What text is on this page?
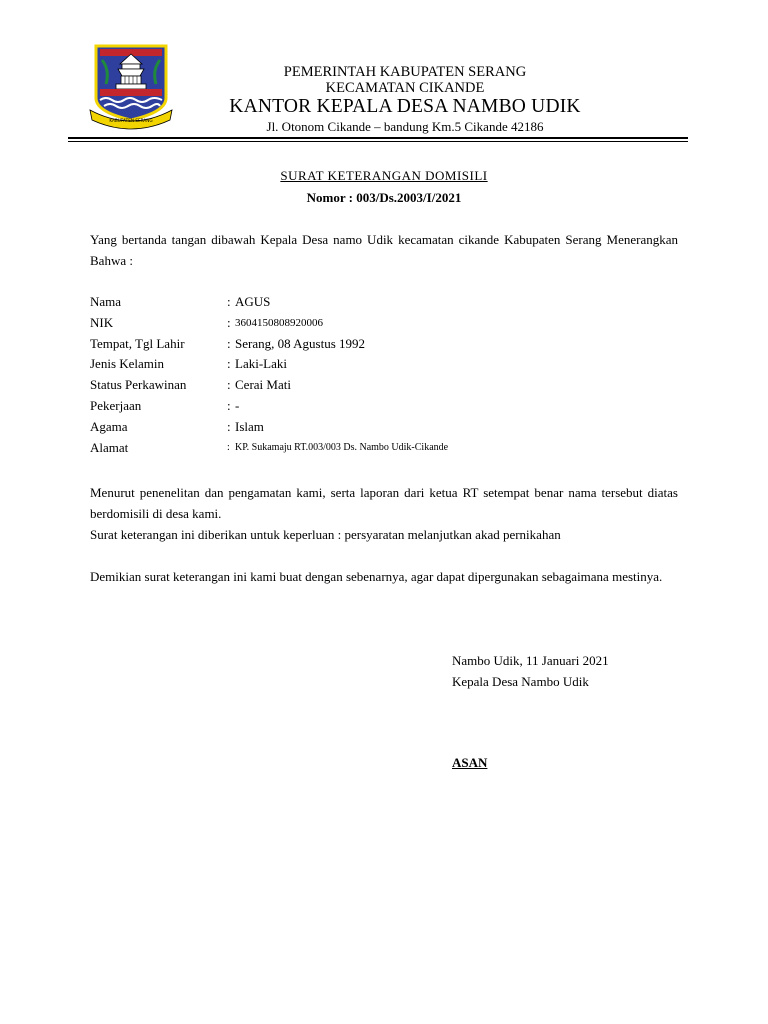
KABUPATEN SERANG
PEMERINTAH KABUPATEN SERANG
KECAMATAN CIKANDE
KANTOR KEPALA DESA NAMBO UDIK
Jl. Otonom Cikande – bandung Km.5 Cikande 42186
SURAT KETERANGAN DOMISILI
Nomor : 003/Ds.2003/I/2021
Yang bertanda tangan dibawah Kepala Desa namo Udik kecamatan cikande Kabupaten Serang Menerangkan Bahwa :
Nama	: AGUS
NIK	: 3604150808920006
Tempat, Tgl Lahir	: Serang, 08 Agustus 1992
Jenis Kelamin	: Laki-Laki
Status Perkawinan	: Cerai Mati
Pekerjaan	: -
Agama	: Islam
Alamat	: KP. Sukamaju RT.003/003 Ds. Nambo Udik-Cikande
Menurut penenelitan dan pengamatan kami, serta laporan dari ketua RT setempat benar nama tersebut diatas berdomisili di desa kami.
Surat keterangan ini diberikan untuk keperluan : persyaratan melanjutkan akad pernikahan
Demikian surat keterangan ini kami buat dengan sebenarnya, agar dapat dipergunakan sebagaimana mestinya.
Nambo Udik, 11 Januari 2021
Kepala Desa Nambo Udik
ASAN
